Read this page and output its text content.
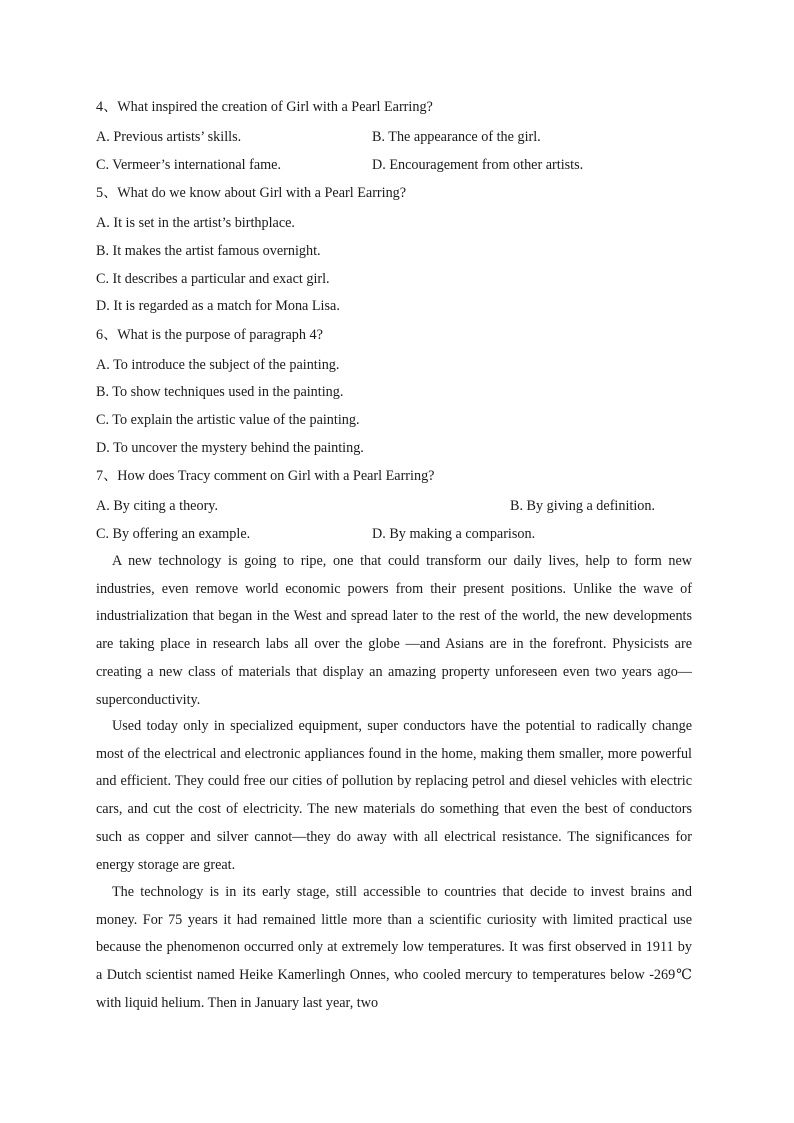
4、What inspired the creation of Girl with a Pearl Earring?
A. Previous artists’ skills.	B. The appearance of the girl.
C. Vermeer’s international fame.	D. Encouragement from other artists.
5、What do we know about Girl with a Pearl Earring?
A. It is set in the artist’s birthplace.
B. It makes the artist famous overnight.
C. It describes a particular and exact girl.
D. It is regarded as a match for Mona Lisa.
6、What is the purpose of paragraph 4?
A. To introduce the subject of the painting.
B. To show techniques used in the painting.
C. To explain the artistic value of the painting.
D. To uncover the mystery behind the painting.
7、How does Tracy comment on Girl with a Pearl Earring?
A. By citing a theory.	B. By giving a definition.
C. By offering an example.	D. By making a comparison.

A new technology is going to ripe, one that could transform our daily lives, help to form new industries, even remove world economic powers from their present positions. Unlike the wave of industrialization that began in the West and spread later to the rest of the world, the new developments are taking place in research labs all over the globe —and Asians are in the forefront. Physicists are creating a new class of materials that display an amazing property unforeseen even two years ago—superconductivity.

Used today only in specialized equipment, super conductors have the potential to radically change most of the electrical and electronic appliances found in the home, making them smaller, more powerful and efficient. They could free our cities of pollution by replacing petrol and diesel vehicles with electric cars, and cut the cost of electricity. The new materials do something that even the best of conductors such as copper and silver cannot—they do away with all electrical resistance. The significances for energy storage are great.

The technology is in its early stage, still accessible to countries that decide to invest brains and money. For 75 years it had remained little more than a scientific curiosity with limited practical use because the phenomenon occurred only at extremely low temperatures. It was first observed in 1911 by a Dutch scientist named Heike Kamerlingh Onnes, who cooled mercury to temperatures below -269℃ with liquid helium. Then in January last year, two
